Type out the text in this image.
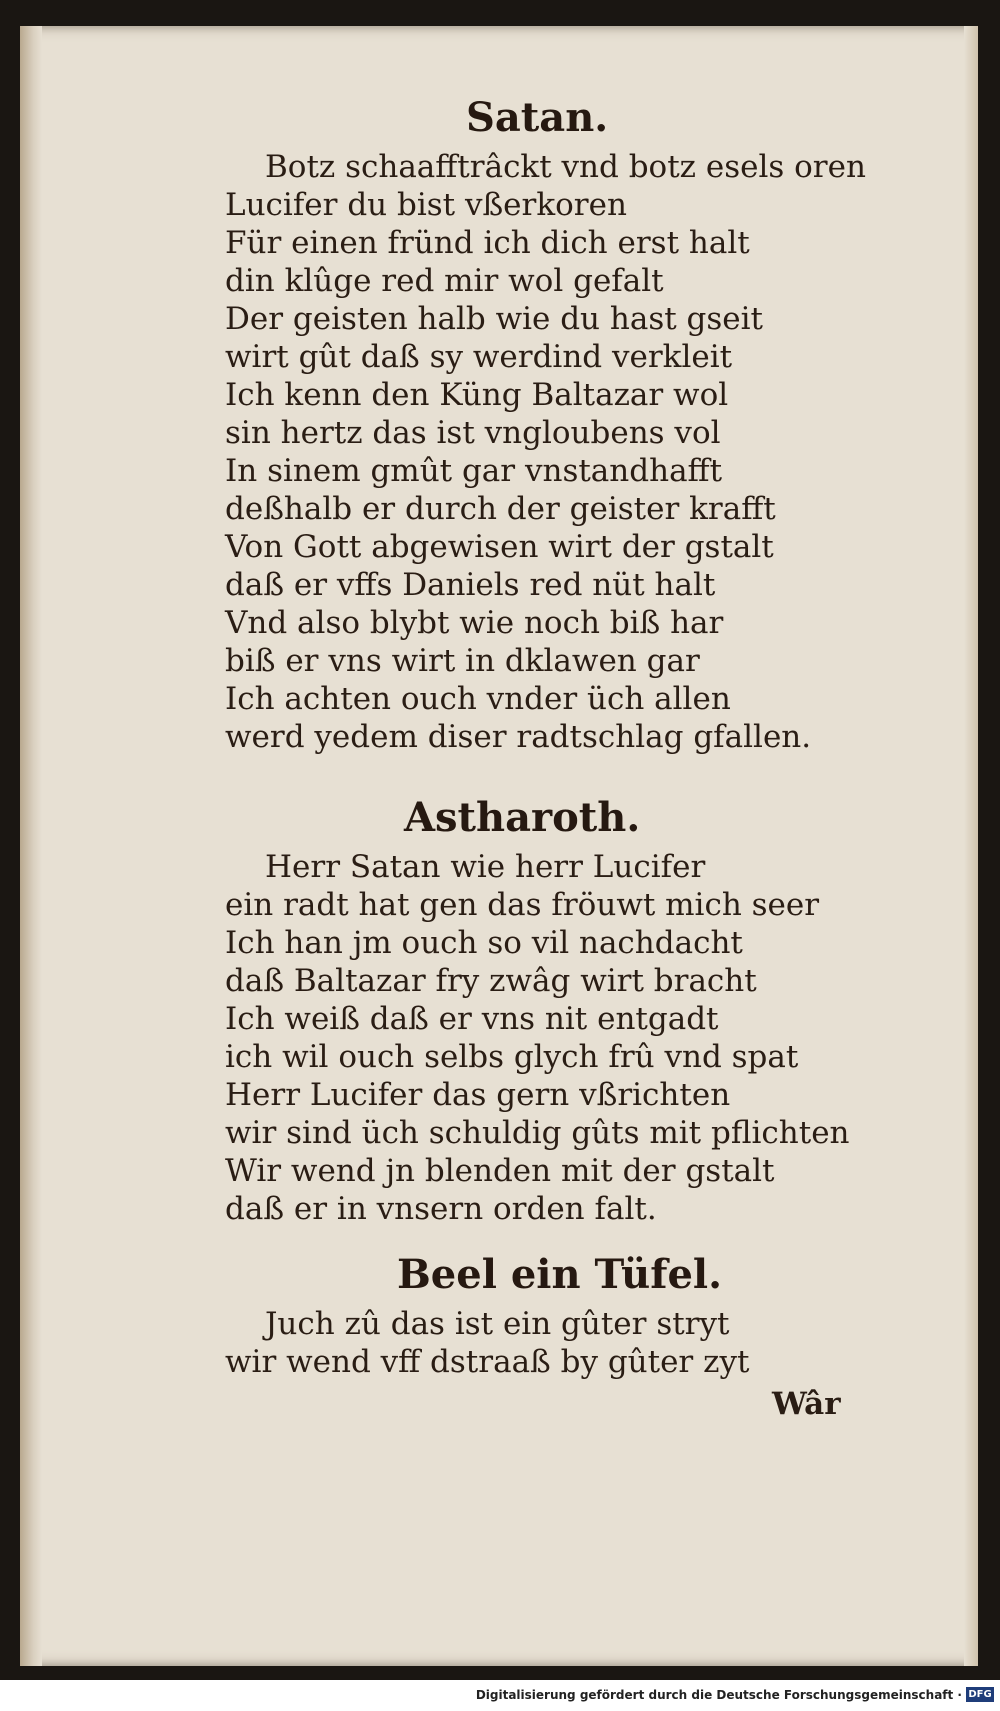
Satan.
Botz schaafftrâckt vnd botz esels oren
Lucifer du bist vßerkoren
Für einen fründ ich dich erst halt
din klûge red mir wol gefalt
Der geisten halb wie du hast gseit
wirt gût daß sy werdind verkleit
Ich kenn den Küng Baltazar wol
sin hertz das ist vngloubens vol
In sinem gmût gar vnstandhafft
deßhalb er durch der geister krafft
Von Gott abgewisen wirt der gstalt
daß er vffs Daniels red nüt halt
Vnd also blybt wie noch biß har
biß er vns wirt in dklawen gar
Ich achten ouch vnder üch allen
werd yedem diser radtschlag gfallen.
Astharoth.
Herr Satan wie herr Lucifer
ein radt hat gen das fröuwt mich seer
Ich han jm ouch so vil nachdacht
daß Baltazar fry zwâg wirt bracht
Ich weiß daß er vns nit entgadt
ich wil ouch selbs glych frû vnd spat
Herr Lucifer das gern vßrichten
wir sind üch schuldig gûts mit pflichten
Wir wend jn blenden mit der gstalt
daß er in vnsern orden falt.
Beel ein Tüfel.
Juch zû das ist ein gûter stryt
wir wend vff dstraaß by gûter zyt
Wâr
Digitalisierung gefördert durch die Deutsche Forschungsgemeinschaft · DFG
